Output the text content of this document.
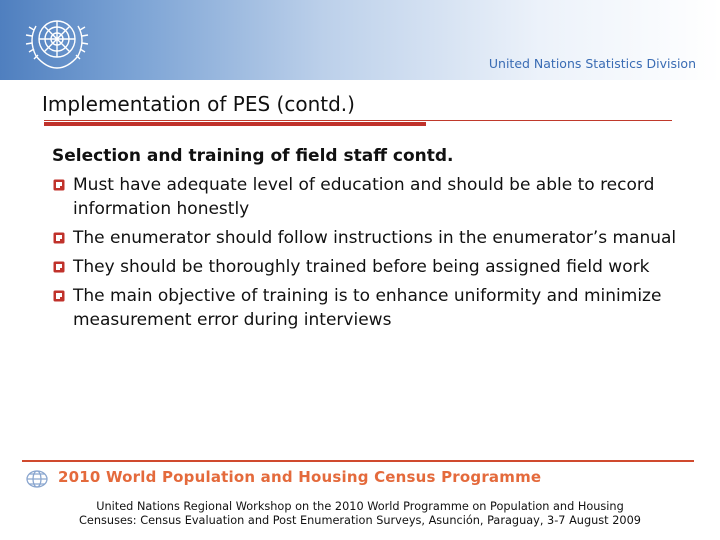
United Nations Statistics Division
Implementation of PES (contd.)
Selection and training of field staff contd.
Must have adequate level of education and should be able to record information honestly
The enumerator should follow instructions in the enumerator’s manual
They should be thoroughly trained before being assigned field work
The main objective of training is to enhance uniformity and minimize measurement error during interviews
2010 World Population and Housing Census Programme
United Nations Regional Workshop on the 2010 World Programme on Population and Housing
Censuses: Census Evaluation and Post Enumeration Surveys, Asunción, Paraguay, 3-7 August 2009
